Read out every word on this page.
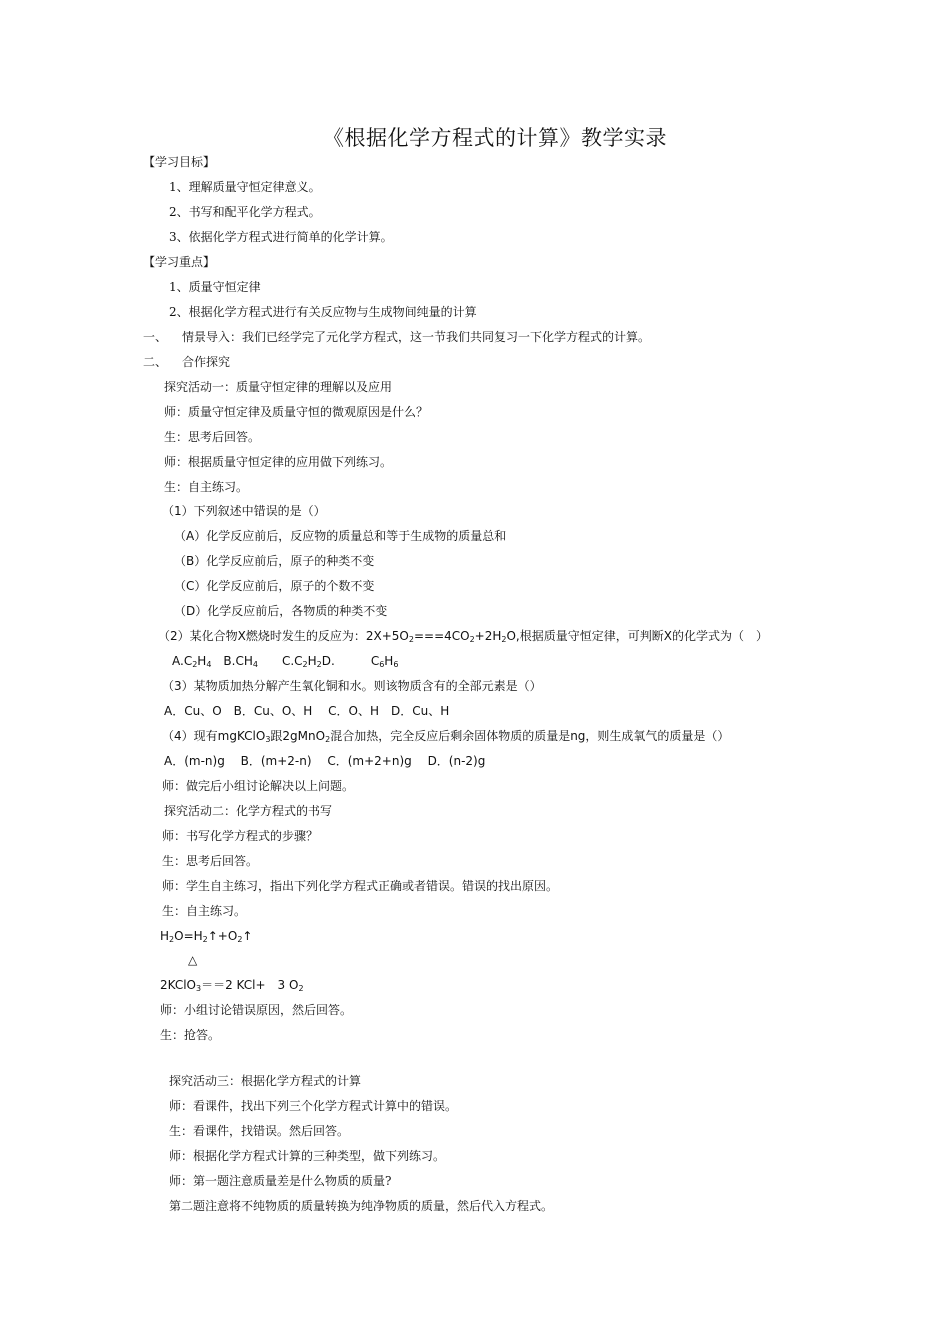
《根据化学方程式的计算》教学实录
【学习目标】
1、理解质量守恒定律意义。
2、书写和配平化学方程式。
3、依据化学方程式进行简单的化学计算。
【学习重点】
1、质量守恒定律
2、根据化学方程式进行有关反应物与生成物间纯量的计算
一、 情景导入：我们已经学完了元化学方程式，这一节我们共同复习一下化学方程式的计算。
二、 合作探究
探究活动一：质量守恒定律的理解以及应用
师：质量守恒定律及质量守恒的微观原因是什么？
生：思考后回答。
师：根据质量守恒定律的应用做下列练习。
生：自主练习。
（1）下列叙述中错误的是（）
（A）化学反应前后，反应物的质量总和等于生成物的质量总和
（B）化学反应前后，原子的种类不变
（C）化学反应前后，原子的个数不变
（D）化学反应前后，各物质的种类不变
（2）某化合物X燃烧时发生的反应为：$2X+5O_2===4CO_2+2H_2O$,根据质量守恒定律，可判断X的化学式为（　）
$A.C_2H_4$　$B.CH_4$　　$C.C_2H_2D$.　　　$C_6H_6$
（3）某物质加热分解产生氧化铜和水。则该物质含有的全部元素是（）
A．Cu、O　B．Cu、O、H　 C．O、H　D．Cu、H
（4）现有mgKClO$_3$跟2gMnO$_2$混合加热，完全反应后剩余固体物质的质量是ng，则生成氧气的质量是（）
A．(m-n)g　 B．(m+2-n)　 C．(m+2+n)g　 D．(n-2)g
师：做完后小组讨论解决以上问题。
探究活动二：化学方程式的书写
师：书写化学方程式的步骤？
生：思考后回答。
师：学生自主练习，指出下列化学方程式正确或者错误。错误的找出原因。
生：自主练习。
$H_2O=H_2↑+O_2↑$
△
2KClO$_3$＝＝2 KCl+　3 $O_2$
师：小组讨论错误原因，然后回答。
生：抢答。
探究活动三：根据化学方程式的计算
师：看课件，找出下列三个化学方程式计算中的错误。
生：看课件，找错误。然后回答。
师：根据化学方程式计算的三种类型，做下列练习。
师：第一题注意质量差是什么物质的质量?
第二题注意将不纯物质的质量转换为纯净物质的质量，然后代入方程式。
